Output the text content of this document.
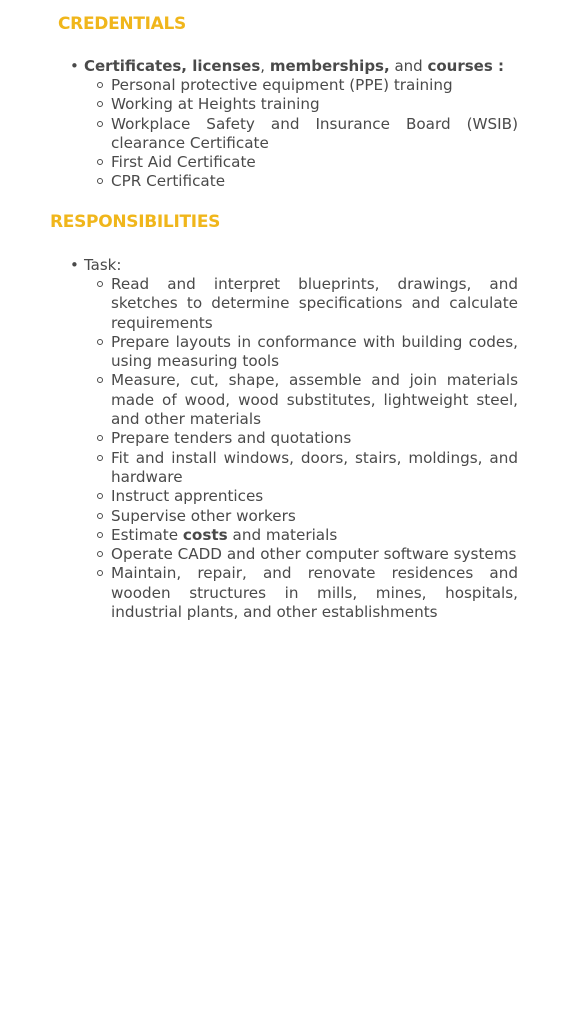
CREDENTIALS
• Certificates, licenses, memberships, and courses :
Personal protective equipment (PPE) training
Working at Heights training
Workplace Safety and Insurance Board (WSIB) clearance Certificate
First Aid Certificate
CPR Certificate
RESPONSIBILITIES
• Task:
Read and interpret blueprints, drawings, and sketches to determine specifications and calculate requirements
Prepare layouts in conformance with building codes, using measuring tools
Measure, cut, shape, assemble and join materials made of wood, wood substitutes, lightweight steel, and other materials
Prepare tenders and quotations
Fit and install windows, doors, stairs, moldings, and hardware
Instruct apprentices
Supervise other workers
Estimate costs and materials
Operate CADD and other computer software systems
Maintain, repair, and renovate residences and wooden structures in mills, mines, hospitals, industrial plants, and other establishments
